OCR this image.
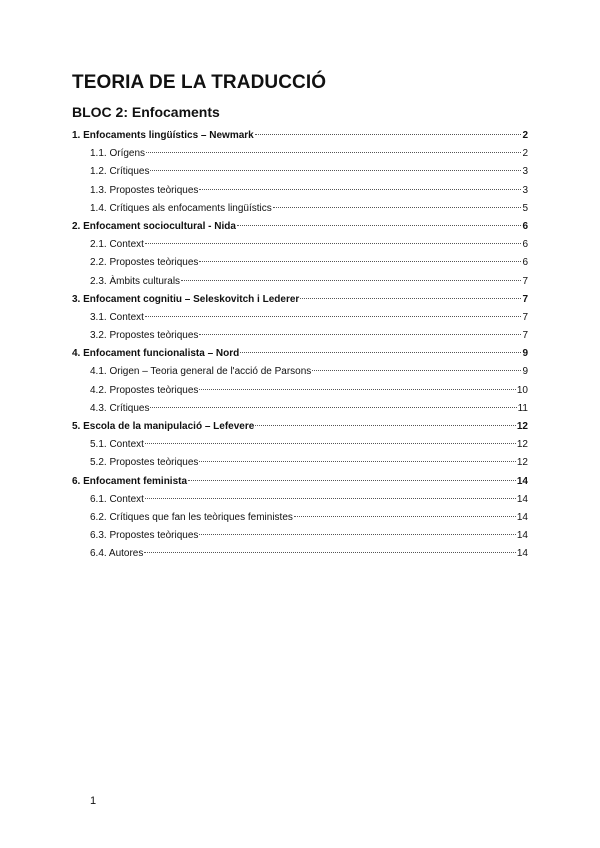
TEORIA DE LA TRADUCCIÓ
BLOC 2: Enfocaments
1. Enfocaments lingüístics – Newmark	2
1.1. Orígens	2
1.2. Crítiques	3
1.3. Propostes teòriques	3
1.4. Crítiques als enfocaments lingüístics	5
2. Enfocament sociocultural - Nida	6
2.1. Context	6
2.2. Propostes teòriques	6
2.3. Àmbits culturals	7
3. Enfocament cognitiu – Seleskovitch i Lederer	7
3.1. Context	7
3.2. Propostes teòriques	7
4. Enfocament funcionalista – Nord	9
4.1. Origen – Teoria general de l'acció de Parsons	9
4.2. Propostes teòriques	10
4.3. Crítiques	11
5. Escola de la manipulació – Lefevere	12
5.1. Context	12
5.2. Propostes teòriques	12
6. Enfocament feminista	14
6.1. Context	14
6.2. Crítiques que fan les teòriques feministes	14
6.3. Propostes teòriques	14
6.4. Autores	14
1
